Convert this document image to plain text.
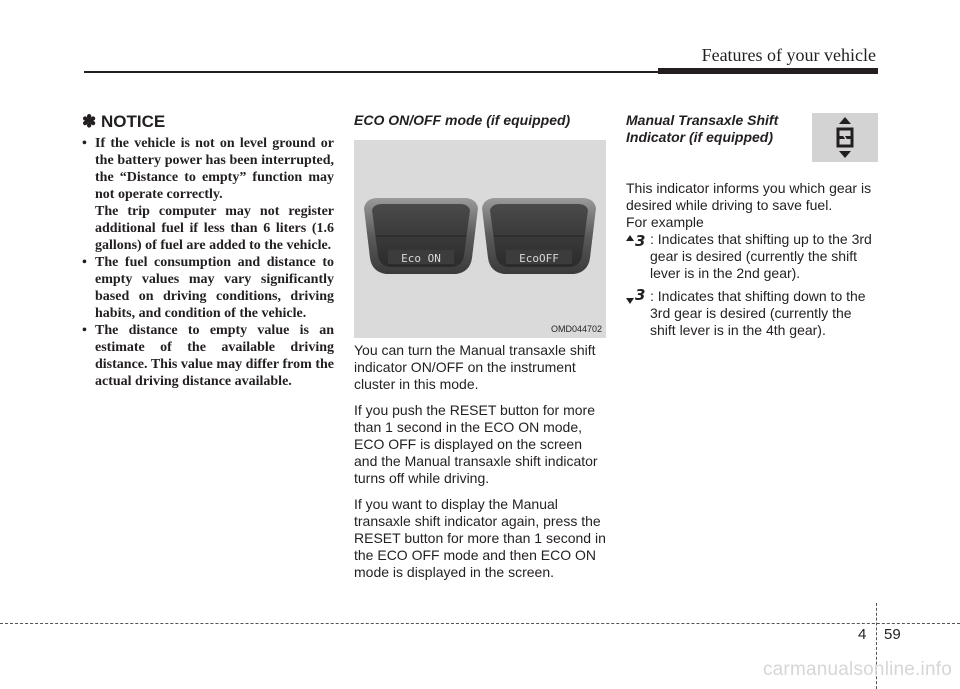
Features of your vehicle
✽ NOTICE
• If the vehicle is not on level ground or the battery power has been interrupted, the “Distance to empty” function may not operate correctly.
The trip computer may not register additional fuel if less than 6 liters (1.6 gallons) of fuel are added to the vehicle.
• The fuel consumption and distance to empty values may vary significantly based on driving conditions, driving habits, and condition of the vehicle.
• The distance to empty value is an estimate of the available driving distance. This value may differ from the actual driving distance available.
ECO ON/OFF mode (if equipped)
Eco ON	EcoOFF
OMD044702

You can turn the Manual transaxle shift indicator ON/OFF on the instrument cluster in this mode.

If you push the RESET button for more than 1 second in the ECO ON mode, ECO OFF is displayed on the screen and the Manual transaxle shift indicator turns off while driving.

If you want to display the Manual transaxle shift indicator again, press the RESET button for more than 1 second in the ECO OFF mode and then ECO ON mode is displayed in the screen.

Manual Transaxle Shift
Indicator (if equipped)

This indicator informs you which gear is desired while driving to save fuel.

For example
3 : Indicates that shifting up to the 3rd gear is desired (currently the shift lever is in the 2nd gear).
3 : Indicates that shifting down to the 3rd gear is desired (currently the shift lever is in the 4th gear).
4 59
carmanualsonline.info
